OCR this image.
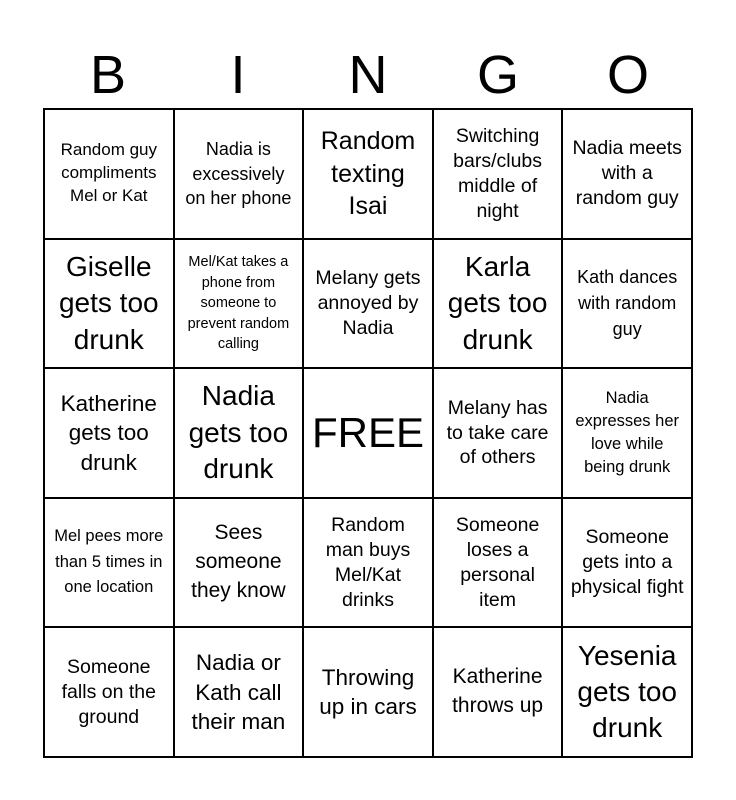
B	I	N	G	O
Random guy compliments Mel or Kat
Nadia is excessively on her phone
Random texting Isai
Switching bars/clubs middle of night
Nadia meets with a random guy
Giselle gets too drunk
Mel/Kat takes a phone from someone to prevent random calling
Melany gets annoyed by Nadia
Karla gets too drunk
Kath dances with random guy
Katherine gets too drunk
Nadia gets too drunk
FREE
Melany has to take care of others
Nadia expresses her love while being drunk
Mel pees more than 5 times in one location
Sees someone they know
Random man buys Mel/Kat drinks
Someone loses a personal item
Someone gets into a physical fight
Someone falls on the ground
Nadia or Kath call their man
Throwing up in cars
Katherine throws up
Yesenia gets too drunk
